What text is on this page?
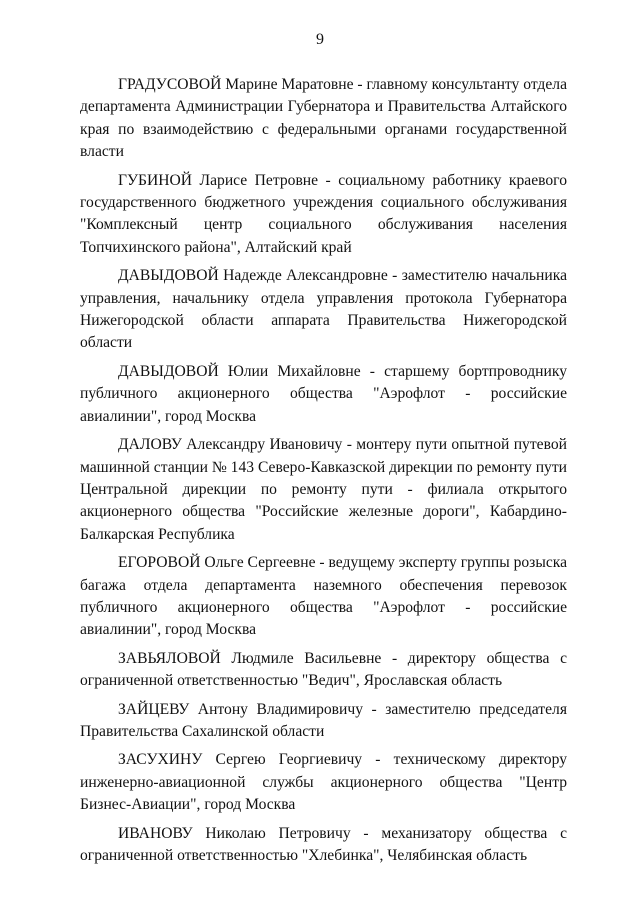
9

ГРАДУСОВОЙ Марине Маратовне - главному консультанту отдела департамента Администрации Губернатора и Правительства Алтайского края по взаимодействию с федеральными органами государственной власти

ГУБИНОЙ Ларисе Петровне - социальному работнику краевого государственного бюджетного учреждения социального обслуживания "Комплексный центр социального обслуживания населения Топчихинского района", Алтайский край

ДАВЫДОВОЙ Надежде Александровне - заместителю начальника управления, начальнику отдела управления протокола Губернатора Нижегородской области аппарата Правительства Нижегородской области

ДАВЫДОВОЙ Юлии Михайловне - старшему бортпроводнику публичного акционерного общества "Аэрофлот - российские авиалинии", город Москва

ДАЛОВУ Александру Ивановичу - монтеру пути опытной путевой машинной станции № 143 Северо-Кавказской дирекции по ремонту пути Центральной дирекции по ремонту пути - филиала открытого акционерного общества "Российские железные дороги", Кабардино-Балкарская Республика

ЕГОРОВОЙ Ольге Сергеевне - ведущему эксперту группы розыска багажа отдела департамента наземного обеспечения перевозок публичного акционерного общества "Аэрофлот - российские авиалинии", город Москва

ЗАВЬЯЛОВОЙ Людмиле Васильевне - директору общества с ограниченной ответственностью "Ведич", Ярославская область

ЗАЙЦЕВУ Антону Владимировичу - заместителю председателя Правительства Сахалинской области

ЗАСУХИНУ Сергею Георгиевичу - техническому директору инженерно-авиационной службы акционерного общества "Центр Бизнес-Авиации", город Москва

ИВАНОВУ Николаю Петровичу - механизатору общества с ограниченной ответственностью "Хлебинка", Челябинская область
